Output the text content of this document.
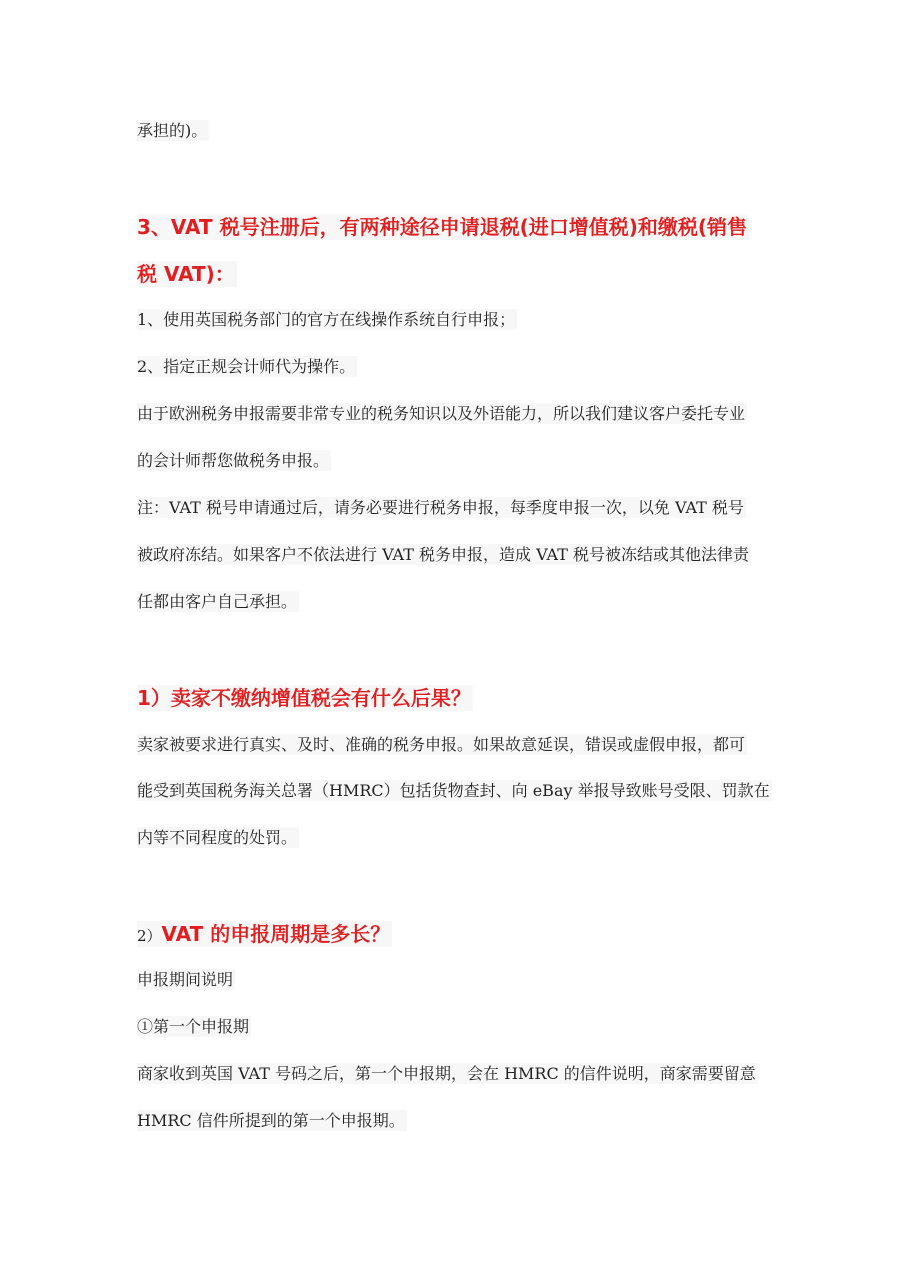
承担的)。
3、VAT 税号注册后，有两种途径申请退税(进口增值税)和缴税(销售
税 VAT)：
1、使用英国税务部门的官方在线操作系统自行申报；
2、指定正规会计师代为操作。
由于欧洲税务申报需要非常专业的税务知识以及外语能力，所以我们建议客户委托专业
的会计师帮您做税务申报。
注：VAT 税号申请通过后，请务必要进行税务申报，每季度申报一次，以免 VAT 税号
被政府冻结。如果客户不依法进行 VAT 税务申报，造成 VAT 税号被冻结或其他法律责
任都由客户自己承担。
1）卖家不缴纳增值税会有什么后果？
卖家被要求进行真实、及时、准确的税务申报。如果故意延误，错误或虚假申报，都可
能受到英国税务海关总署（HMRC）包括货物查封、向 eBay 举报导致账号受限、罚款在
内等不同程度的处罚。
2）VAT 的申报周期是多长？
申报期间说明
①第一个申报期
商家收到英国 VAT 号码之后，第一个申报期，会在 HMRC 的信件说明，商家需要留意
HMRC 信件所提到的第一个申报期。
